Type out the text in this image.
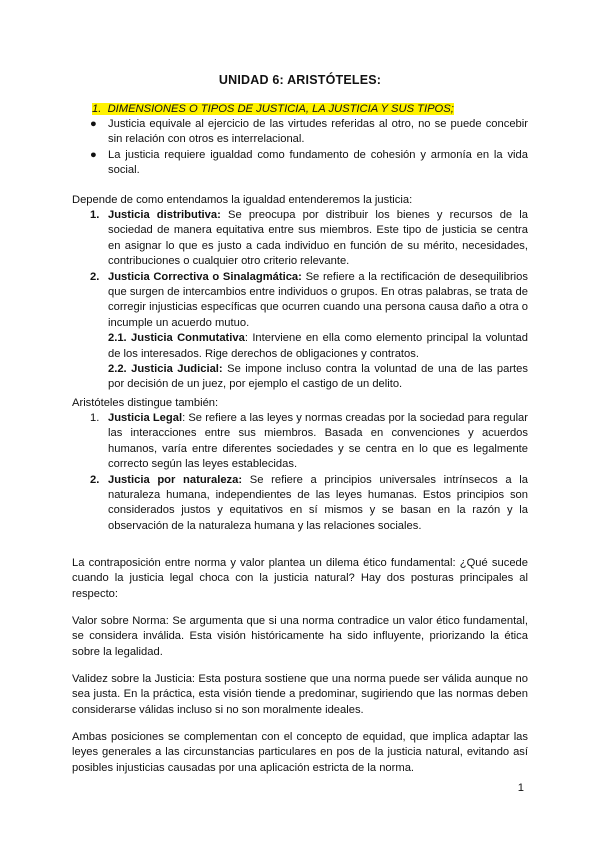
UNIDAD 6: ARISTÓTELES:
1. DIMENSIONES O TIPOS DE JUSTICIA, LA JUSTICIA Y SUS TIPOS;
● Justicia equivale al ejercicio de las virtudes referidas al otro, no se puede concebir sin relación con otros es interrelacional.
● La justicia requiere igualdad como fundamento de cohesión y armonía en la vida social.
Depende de como entendamos la igualdad entenderemos la justicia:
1. Justicia distributiva: Se preocupa por distribuir los bienes y recursos de la sociedad de manera equitativa entre sus miembros. Este tipo de justicia se centra en asignar lo que es justo a cada individuo en función de su mérito, necesidades, contribuciones o cualquier otro criterio relevante.
2. Justicia Correctiva o Sinalagmática: Se refiere a la rectificación de desequilibrios que surgen de intercambios entre individuos o grupos. En otras palabras, se trata de corregir injusticias específicas que ocurren cuando una persona causa daño a otra o incumple un acuerdo mutuo.
2.1. Justicia Conmutativa: Interviene en ella como elemento principal la voluntad de los interesados. Rige derechos de obligaciones y contratos.
2.2. Justicia Judicial: Se impone incluso contra la voluntad de una de las partes por decisión de un juez, por ejemplo el castigo de un delito.
Aristóteles distingue también:
1. Justicia Legal: Se refiere a las leyes y normas creadas por la sociedad para regular las interacciones entre sus miembros. Basada en convenciones y acuerdos humanos, varía entre diferentes sociedades y se centra en lo que es legalmente correcto según las leyes establecidas.
2. Justicia por naturaleza: Se refiere a principios universales intrínsecos a la naturaleza humana, independientes de las leyes humanas. Estos principios son considerados justos y equitativos en sí mismos y se basan en la razón y la observación de la naturaleza humana y las relaciones sociales.
La contraposición entre norma y valor plantea un dilema ético fundamental: ¿Qué sucede cuando la justicia legal choca con la justicia natural? Hay dos posturas principales al respecto:
Valor sobre Norma: Se argumenta que si una norma contradice un valor ético fundamental, se considera inválida. Esta visión históricamente ha sido influyente, priorizando la ética sobre la legalidad.
Validez sobre la Justicia: Esta postura sostiene que una norma puede ser válida aunque no sea justa. En la práctica, esta visión tiende a predominar, sugiriendo que las normas deben considerarse válidas incluso si no son moralmente ideales.
Ambas posiciones se complementan con el concepto de equidad, que implica adaptar las leyes generales a las circunstancias particulares en pos de la justicia natural, evitando así posibles injusticias causadas por una aplicación estricta de la norma.
1
